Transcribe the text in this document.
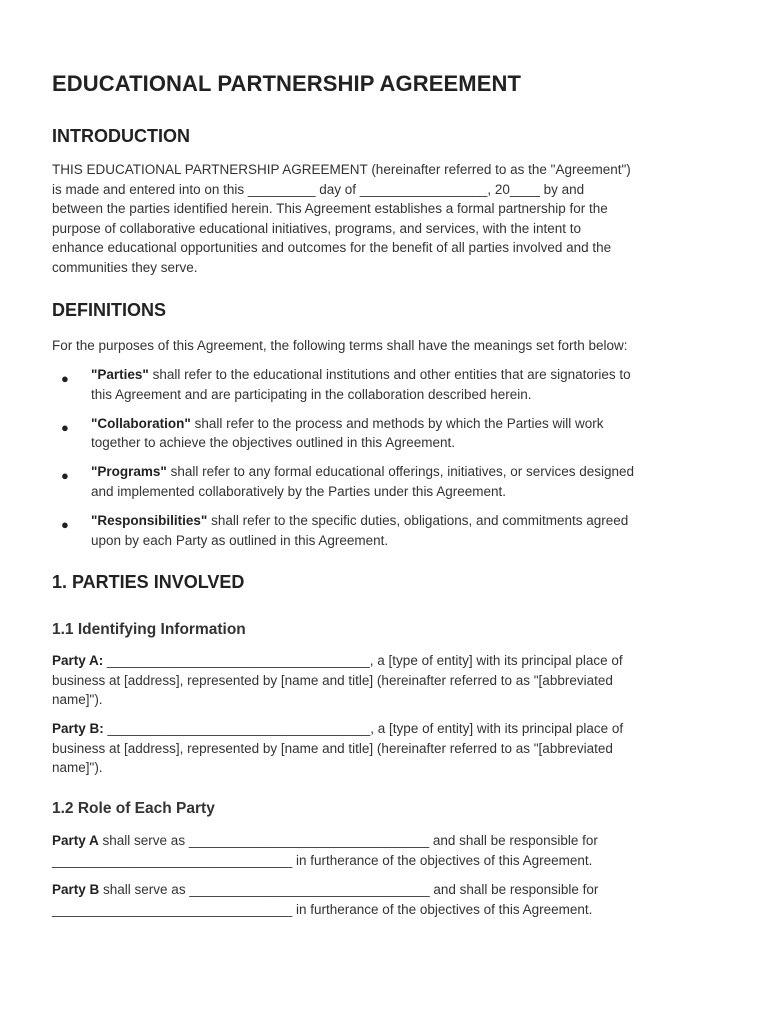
EDUCATIONAL PARTNERSHIP AGREEMENT
INTRODUCTION

THIS EDUCATIONAL PARTNERSHIP AGREEMENT (hereinafter referred to as the "Agreement")
is made and entered into on this _________ day of _________________, 20____ by and
between the parties identified herein. This Agreement establishes a formal partnership for the
purpose of collaborative educational initiatives, programs, and services, with the intent to
enhance educational opportunities and outcomes for the benefit of all parties involved and the
communities they serve.

DEFINITIONS

For the purposes of this Agreement, the following terms shall have the meanings set forth below:

● "Parties" shall refer to the educational institutions and other entities that are signatories to
this Agreement and are participating in the collaboration described herein.
● "Collaboration" shall refer to the process and methods by which the Parties will work
together to achieve the objectives outlined in this Agreement.
● "Programs" shall refer to any formal educational offerings, initiatives, or services designed
and implemented collaboratively by the Parties under this Agreement.
● "Responsibilities" shall refer to the specific duties, obligations, and commitments agreed
upon by each Party as outlined in this Agreement.
1. PARTIES INVOLVED
1.1 Identifying Information

Party A: ___________________________________, a [type of entity] with its principal place of
business at [address], represented by [name and title] (hereinafter referred to as "[abbreviated
name]").

Party B: ___________________________________, a [type of entity] with its principal place of
business at [address], represented by [name and title] (hereinafter referred to as "[abbreviated
name]").

1.2 Role of Each Party

Party A shall serve as ________________________________ and shall be responsible for
________________________________ in furtherance of the objectives of this Agreement.

Party B shall serve as ________________________________ and shall be responsible for
________________________________ in furtherance of the objectives of this Agreement.
